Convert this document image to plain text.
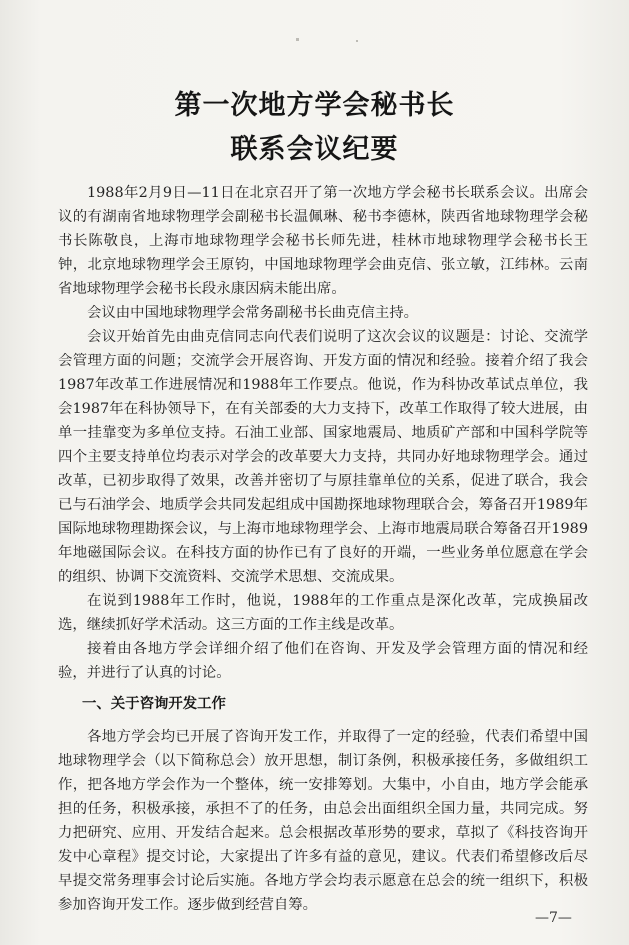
第一次地方学会秘书长
联系会议纪要

1988年2月9日—11日在北京召开了第一次地方学会秘书长联系会议。出席会议的有湖南省地球物理学会副秘书长温佩琳、秘书李德林，陕西省地球物理学会秘书长陈敬良，上海市地球物理学会秘书长师先进，桂林市地球物理学会秘书长王钟，北京地球物理学会王原钧，中国地球物理学会曲克信、张立敏，江纬林。云南省地球物理学会秘书长段永康因病未能出席。

会议由中国地球物理学会常务副秘书长曲克信主持。

会议开始首先由曲克信同志向代表们说明了这次会议的议题是：讨论、交流学会管理方面的问题；交流学会开展咨询、开发方面的情况和经验。接着介绍了我会1987年改革工作进展情况和1988年工作要点。他说，作为科协改革试点单位，我会1987年在科协领导下，在有关部委的大力支持下，改革工作取得了较大进展，由单一挂靠变为多单位支持。石油工业部、国家地震局、地质矿产部和中国科学院等四个主要支持单位均表示对学会的改革要大力支持，共同办好地球物理学会。通过改革，已初步取得了效果，改善并密切了与原挂靠单位的关系，促进了联合，我会已与石油学会、地质学会共同发起组成中国勘探地球物理联合会，筹备召开1989年国际地球物理勘探会议，与上海市地球物理学会、上海市地震局联合筹备召开1989年地磁国际会议。在科技方面的协作已有了良好的开端，一些业务单位愿意在学会的组织、协调下交流资料、交流学术思想、交流成果。

在说到1988年工作时，他说，1988年的工作重点是深化改革，完成换届改选，继续抓好学术活动。这三方面的工作主线是改革。

接着由各地方学会详细介绍了他们在咨询、开发及学会管理方面的情况和经验，并进行了认真的讨论。

一、关于咨询开发工作

各地方学会均已开展了咨询开发工作，并取得了一定的经验，代表们希望中国地球物理学会（以下简称总会）放开思想，制订条例，积极承接任务，多做组织工作，把各地方学会作为一个整体，统一安排筹划。大集中，小自由，地方学会能承担的任务，积极承接，承担不了的任务，由总会出面组织全国力量，共同完成。努力把研究、应用、开发结合起来。总会根据改革形势的要求，草拟了《科技咨询开发中心章程》提交讨论，大家提出了许多有益的意见，建议。代表们希望修改后尽早提交常务理事会讨论后实施。各地方学会均表示愿意在总会的统一组织下，积极参加咨询开发工作。逐步做到经营自筹。

—7—
